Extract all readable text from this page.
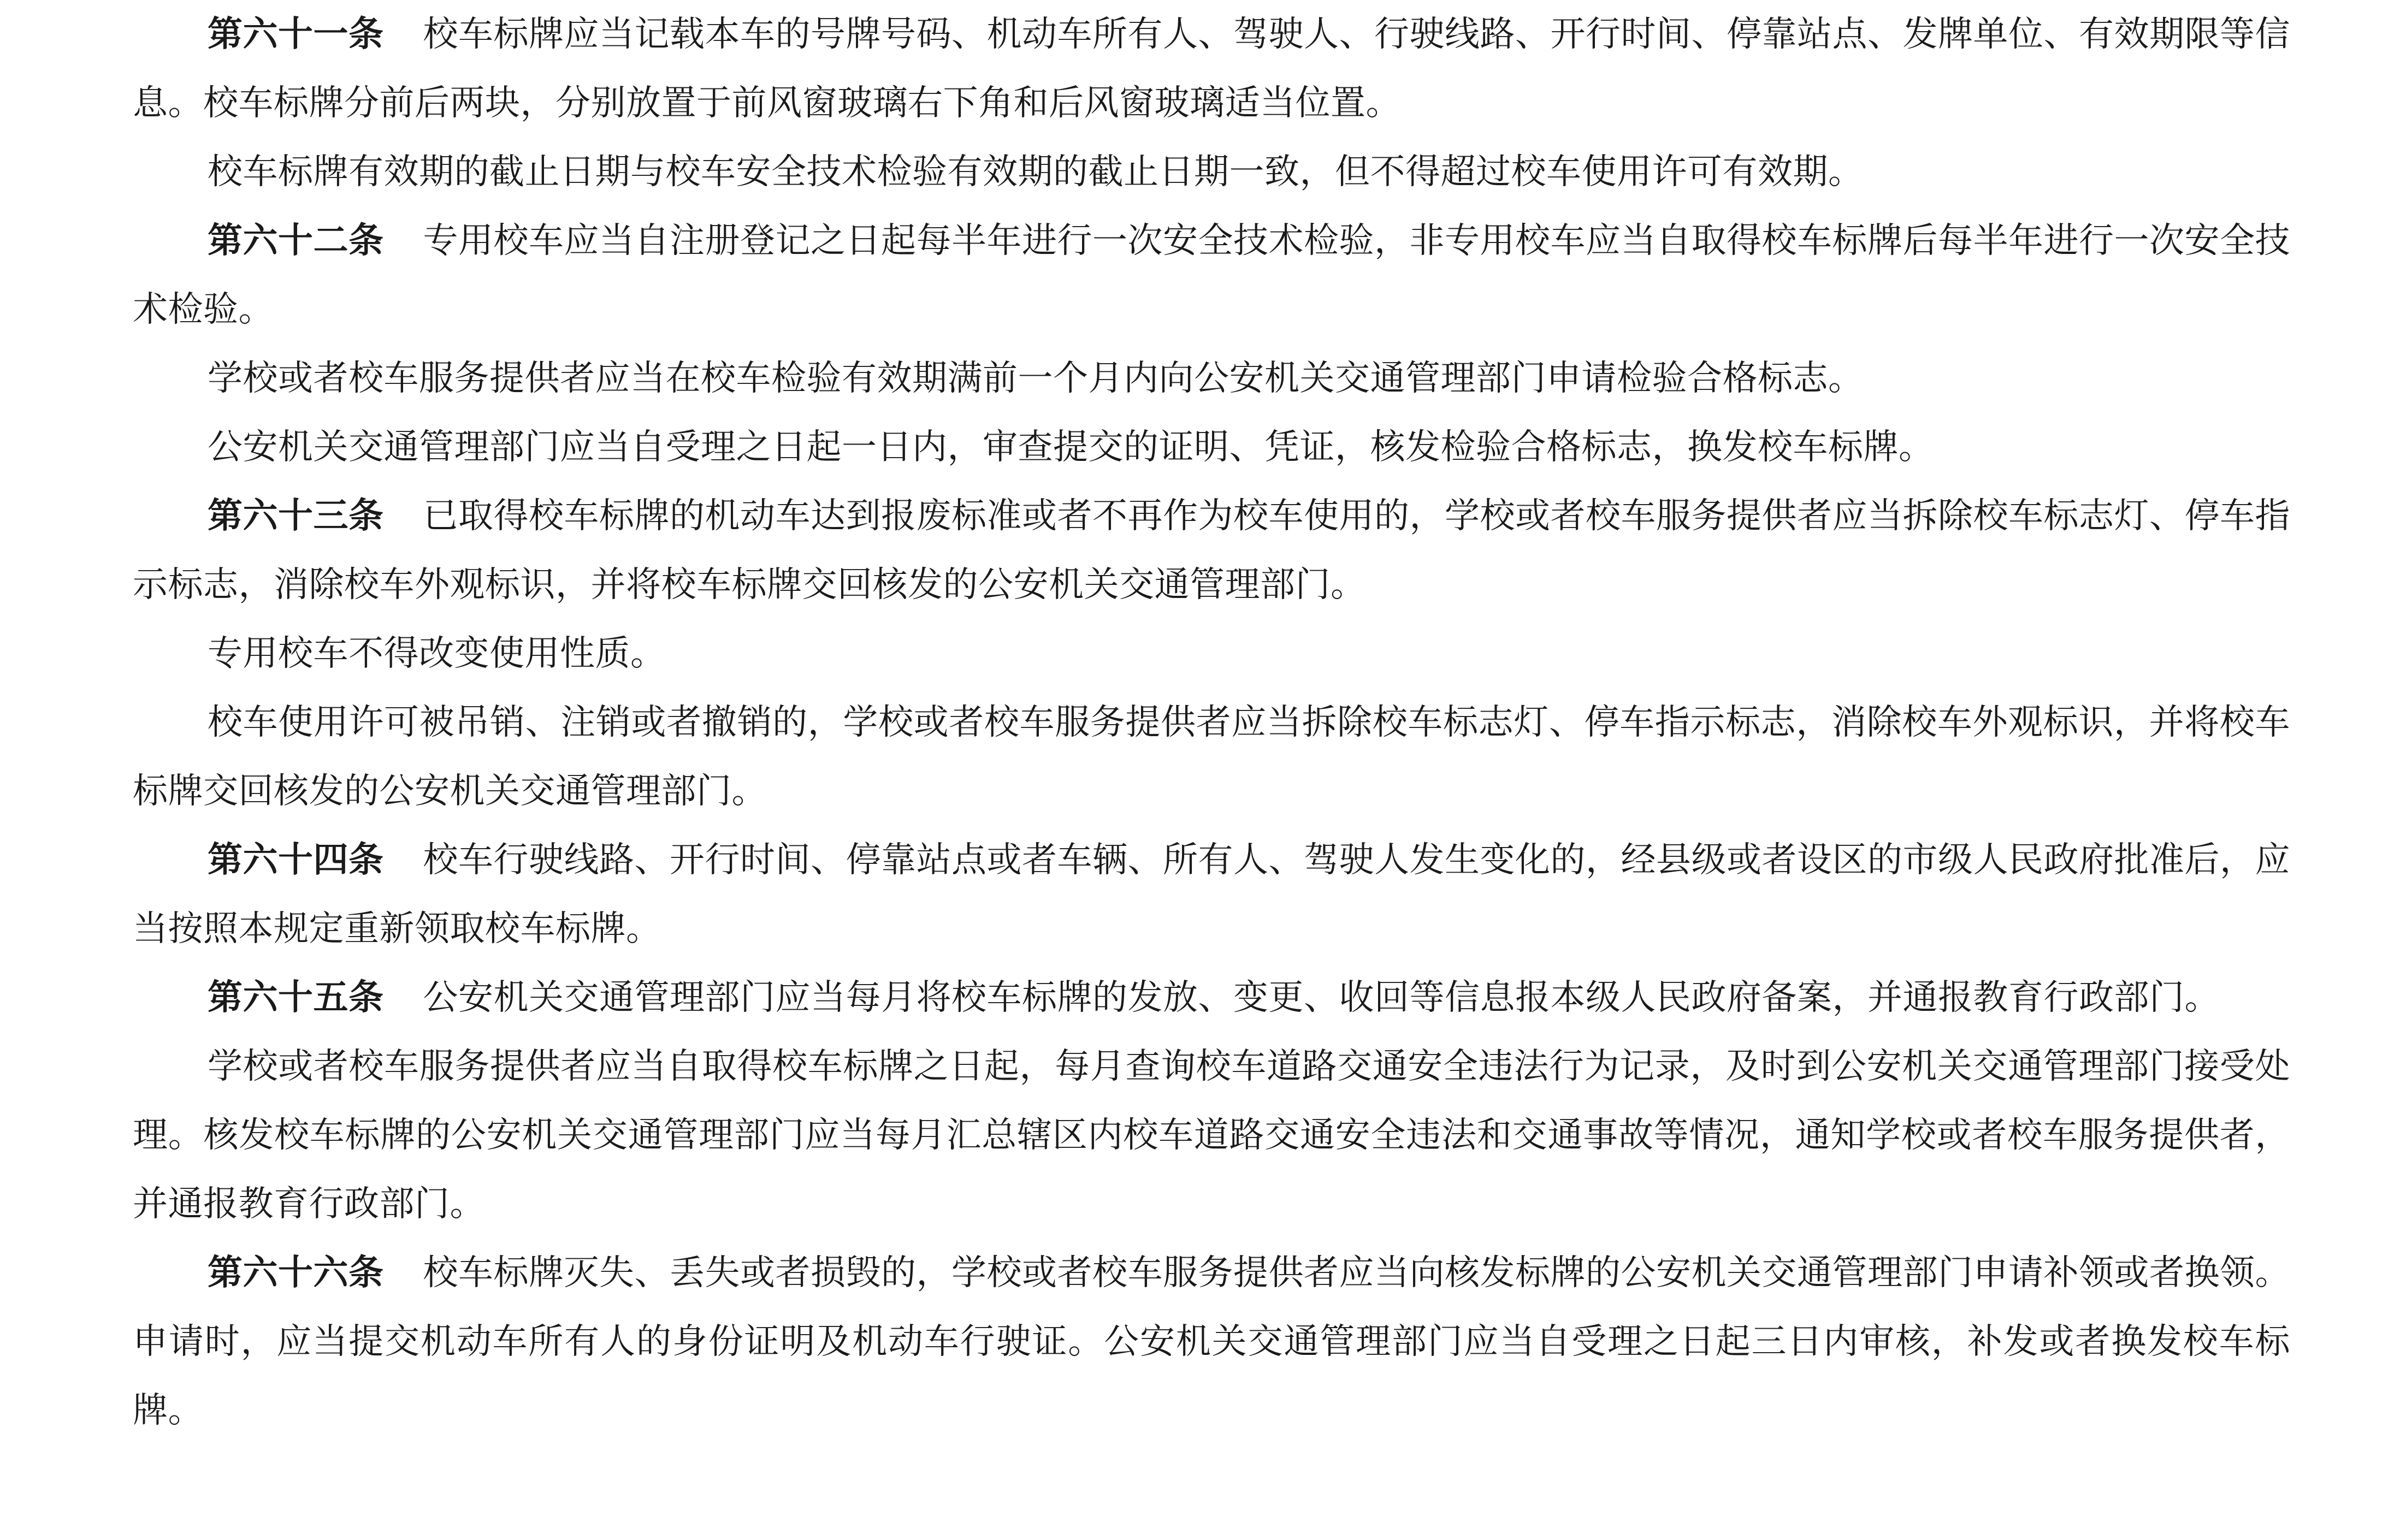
第六十一条 校车标牌应当记载本车的号牌号码、机动车所有人、驾驶人、行驶线路、开行时间、停靠站点、发牌单位、有效期限等信息。校车标牌分前后两块，分别放置于前风窗玻璃右下角和后风窗玻璃适当位置。

校车标牌有效期的截止日期与校车安全技术检验有效期的截止日期一致，但不得超过校车使用许可有效期。

第六十二条 专用校车应当自注册登记之日起每半年进行一次安全技术检验，非专用校车应当自取得校车标牌后每半年进行一次安全技术检验。

学校或者校车服务提供者应当在校车检验有效期满前一个月内向公安机关交通管理部门申请检验合格标志。

公安机关交通管理部门应当自受理之日起一日内，审查提交的证明、凭证，核发检验合格标志，换发校车标牌。

第六十三条 已取得校车标牌的机动车达到报废标准或者不再作为校车使用的，学校或者校车服务提供者应当拆除校车标志灯、停车指示标志，消除校车外观标识，并将校车标牌交回核发的公安机关交通管理部门。

专用校车不得改变使用性质。

校车使用许可被吊销、注销或者撤销的，学校或者校车服务提供者应当拆除校车标志灯、停车指示标志，消除校车外观标识，并将校车标牌交回核发的公安机关交通管理部门。

第六十四条 校车行驶线路、开行时间、停靠站点或者车辆、所有人、驾驶人发生变化的，经县级或者设区的市级人民政府批准后，应当按照本规定重新领取校车标牌。

第六十五条 公安机关交通管理部门应当每月将校车标牌的发放、变更、收回等信息报本级人民政府备案，并通报教育行政部门。

学校或者校车服务提供者应当自取得校车标牌之日起，每月查询校车道路交通安全违法行为记录，及时到公安机关交通管理部门接受处理。核发校车标牌的公安机关交通管理部门应当每月汇总辖区内校车道路交通安全违法和交通事故等情况，通知学校或者校车服务提供者，并通报教育行政部门。

第六十六条 校车标牌灭失、丢失或者损毁的，学校或者校车服务提供者应当向核发标牌的公安机关交通管理部门申请补领或者换领。申请时，应当提交机动车所有人的身份证明及机动车行驶证。公安机关交通管理部门应当自受理之日起三日内审核，补发或者换发校车标牌。
